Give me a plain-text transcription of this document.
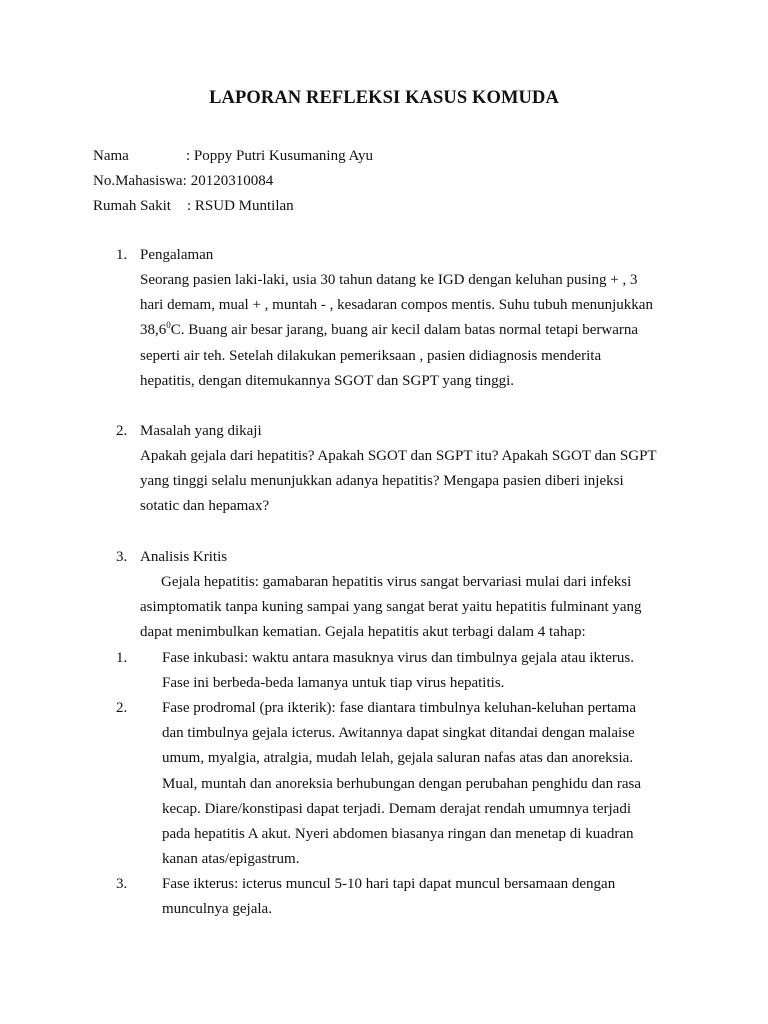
LAPORAN REFLEKSI KASUS KOMUDA
Nama	: Poppy Putri Kusumaning Ayu
No.Mahasiswa: 20120310084
Rumah Sakit : RSUD Muntilan
1. Pengalaman
Seorang pasien laki-laki, usia 30 tahun datang ke IGD dengan keluhan pusing + , 3
hari demam, mual + , muntah - , kesadaran compos mentis. Suhu tubuh menunjukkan
38,6$^0$C. Buang air besar jarang, buang air kecil dalam batas normal tetapi berwarna
seperti air teh. Setelah dilakukan pemeriksaan , pasien didiagnosis menderita
hepatitis, dengan ditemukannya SGOT dan SGPT yang tinggi.
2. Masalah yang dikaji
Apakah gejala dari hepatitis? Apakah SGOT dan SGPT itu? Apakah SGOT dan SGPT
yang tinggi selalu menunjukkan adanya hepatitis? Mengapa pasien diberi injeksi
sotatic dan hepamax?
3. Analisis Kritis
Gejala hepatitis: gamabaran hepatitis virus sangat bervariasi mulai dari infeksi
asimptomatik tanpa kuning sampai yang sangat berat yaitu hepatitis fulminant yang
dapat menimbulkan kematian. Gejala hepatitis akut terbagi dalam 4 tahap:
1.	Fase inkubasi: waktu antara masuknya virus dan timbulnya gejala atau ikterus.
Fase ini berbeda-beda lamanya untuk tiap virus hepatitis.
2.	Fase prodromal (pra ikterik): fase diantara timbulnya keluhan-keluhan pertama
dan timbulnya gejala icterus. Awitannya dapat singkat ditandai dengan malaise
umum, myalgia, atralgia, mudah lelah, gejala saluran nafas atas dan anoreksia.
Mual, muntah dan anoreksia berhubungan dengan perubahan penghidu dan rasa
kecap. Diare/konstipasi dapat terjadi. Demam derajat rendah umumnya terjadi
pada hepatitis A akut. Nyeri abdomen biasanya ringan dan menetap di kuadran
kanan atas/epigastrum.
3.	Fase ikterus: icterus muncul 5-10 hari tapi dapat muncul bersamaan dengan
munculnya gejala.
